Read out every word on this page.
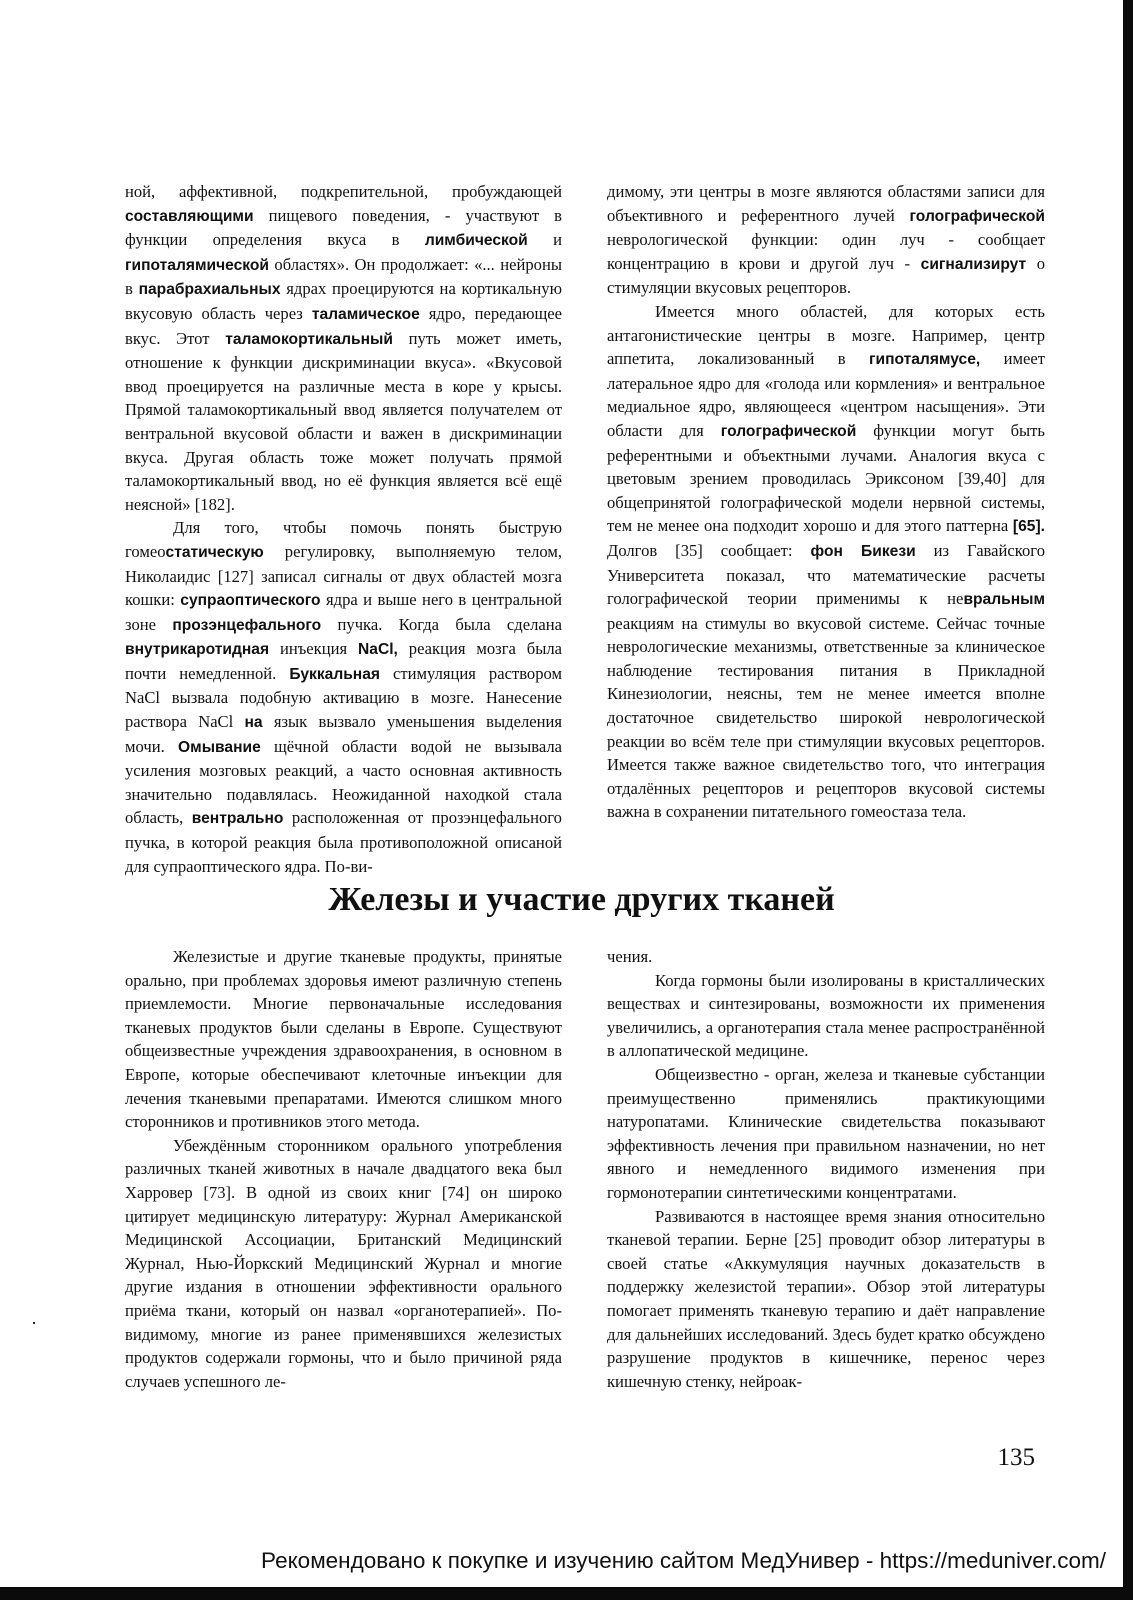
ной, аффективной, подкрепительной, пробуждающей составляющими пищевого поведения, - участвуют в функции определения вкуса в лимбической и гипоталямической областях». Он продолжает: «... нейроны в парабрахиальных ядрах проецируются на кортикальную вкусовую область через таламическое ядро, передающее вкус. Этот таламокортикальный путь может иметь, отношение к функции дискриминации вкуса». «Вкусовой ввод проецируется на различные места в коре у крысы. Прямой таламокортикальный ввод является получателем от вентральной вкусовой области и важен в дискриминации вкуса. Другая область тоже может получать прямой таламокортикальный ввод, но её функция является всё ещё неясной» [182].

Для того, чтобы помочь понять быструю гомеостатическую регулировку, выполняемую телом, Николаидис [127] записал сигналы от двух областей мозга кошки: супраоптического ядра и выше него в центральной зоне прозэнцефального пучка. Когда была сделана внутрикаротидная инъекция NaCl, реакция мозга была почти немедленной. Буккальная стимуляция раствором NaCl вызвала подобную активацию в мозге. Нанесение раствора NaCl на язык вызвало уменьшения выделения мочи. Омывание щёчной области водой не вызывала усиления мозговых реакций, а часто основная активность значительно подавлялась. Неожиданной находкой стала область, вентрально расположенная от прозэнцефального пучка, в которой реакция была противоположной описаной для супраоптического ядра. По-ви-

димому, эти центры в мозге являются областями записи для объективного и референтного лучей голографической неврологической функции: один луч - сообщает концентрацию в крови и другой луч - сигнализирут о стимуляции вкусовых рецепторов.

Имеется много областей, для которых есть антагонистические центры в мозге. Например, центр аппетита, локализованный в гипоталямусе, имеет латеральное ядро для «голода или кормления» и вентральное медиальное ядро, являющееся «центром насыщения». Эти области для голографической функции могут быть референтными и объектными лучами. Аналогия вкуса с цветовым зрением проводилась Эриксоном [39,40] для общепринятой голографической модели нервной системы, тем не менее она подходит хорошо и для этого паттерна [65]. Долгов [35] сообщает: фон Бикези из Гавайского Университета показал, что математические расчеты голографической теории применимы к невральным реакциям на стимулы во вкусовой системе. Сейчас точные неврологические механизмы, ответственные за клиническое наблюдение тестирования питания в Прикладной Кинезиологии, неясны, тем не менее имеется вполне достаточное свидетельство широкой неврологической реакции во всём теле при стимуляции вкусовых рецепторов. Имеется также важное свидетельство того, что интеграция отдалённых рецепторов и рецепторов вкусовой системы важна в сохранении питательного гомеостаза тела.

Железы и участие других тканей

Железистые и другие тканевые продукты, принятые орально, при проблемах здоровья имеют различную степень приемлемости. Многие первоначальные исследования тканевых продуктов были сделаны в Европе. Существуют общеизвестные учреждения здравоохранения, в основном в Европе, которые обеспечивают клеточные инъекции для лечения тканевыми препаратами. Имеются слишком много сторонников и противников этого метода.

Убеждённым сторонником орального употребления различных тканей животных в начале двадцатого века был Харровер [73]. В одной из своих книг [74] он широко цитирует медицинскую литературу: Журнал Американской Медицинской Ассоциации, Британский Медицинский Журнал, Нью-Йоркский Медицинский Журнал и многие другие издания в отношении эффективности орального приёма ткани, который он назвал «органотерапией». По-видимому, многие из ранее применявшихся железистых продуктов содержали гормоны, что и было причиной ряда случаев успешного ле-

чения.

Когда гормоны были изолированы в кристаллических веществах и синтезированы, возможности их применения увеличились, а органотерапия стала менее распространённой в аллопатической медицине.

Общеизвестно - орган, железа и тканевые субстанции преимущественно применялись практикующими натуропатами. Клинические свидетельства показывают эффективность лечения при правильном назначении, но нет явного и немедленного видимого изменения при гормонотерапии синтетическими концентратами.

Развиваются в настоящее время знания относительно тканевой терапии. Берне [25] проводит обзор литературы в своей статье «Аккумуляция научных доказательств в поддержку железистой терапии». Обзор этой литературы помогает применять тканевую терапию и даёт направление для дальнейших исследований. Здесь будет кратко обсуждено разрушение продуктов в кишечнике, перенос через кишечную стенку, нейроак-

135
Рекомендовано к покупке и изучению сайтом МедУнивер - https://meduniver.com/
